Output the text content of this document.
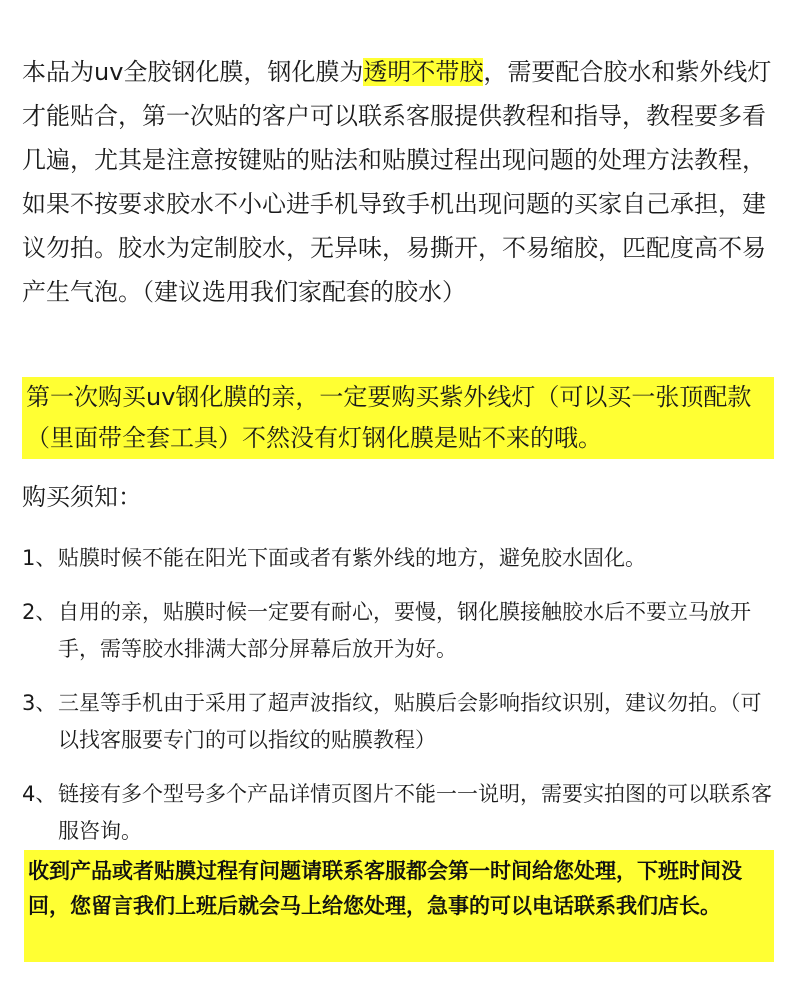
本品为uv全胶钢化膜，钢化膜为透明不带胶，需要配合胶水和紫外线灯才能贴合，第一次贴的客户可以联系客服提供教程和指导，教程要多看几遍，尤其是注意按键贴的贴法和贴膜过程出现问题的处理方法教程，如果不按要求胶水不小心进手机导致手机出现问题的买家自己承担，建议勿拍。胶水为定制胶水，无异味，易撕开，不易缩胶，匹配度高不易产生气泡。（建议选用我们家配套的胶水）

第一次购买uv钢化膜的亲，一定要购买紫外线灯（可以买一张顶配款（里面带全套工具）不然没有灯钢化膜是贴不来的哦。

购买须知：
1、 贴膜时候不能在阳光下面或者有紫外线的地方，避免胶水固化。
2、 自用的亲，贴膜时候一定要有耐心，要慢，钢化膜接触胶水后不要立马放开手，需等胶水排满大部分屏幕后放开为好。
3、 三星等手机由于采用了超声波指纹，贴膜后会影响指纹识别，建议勿拍。（可以找客服要专门的可以指纹的贴膜教程）
4、 链接有多个型号多个产品详情页图片不能一一说明，需要实拍图的可以联系客服咨询。

收到产品或者贴膜过程有问题请联系客服都会第一时间给您处理，下班时间没回，您留言我们上班后就会马上给您处理，急事的可以电话联系我们店长。
